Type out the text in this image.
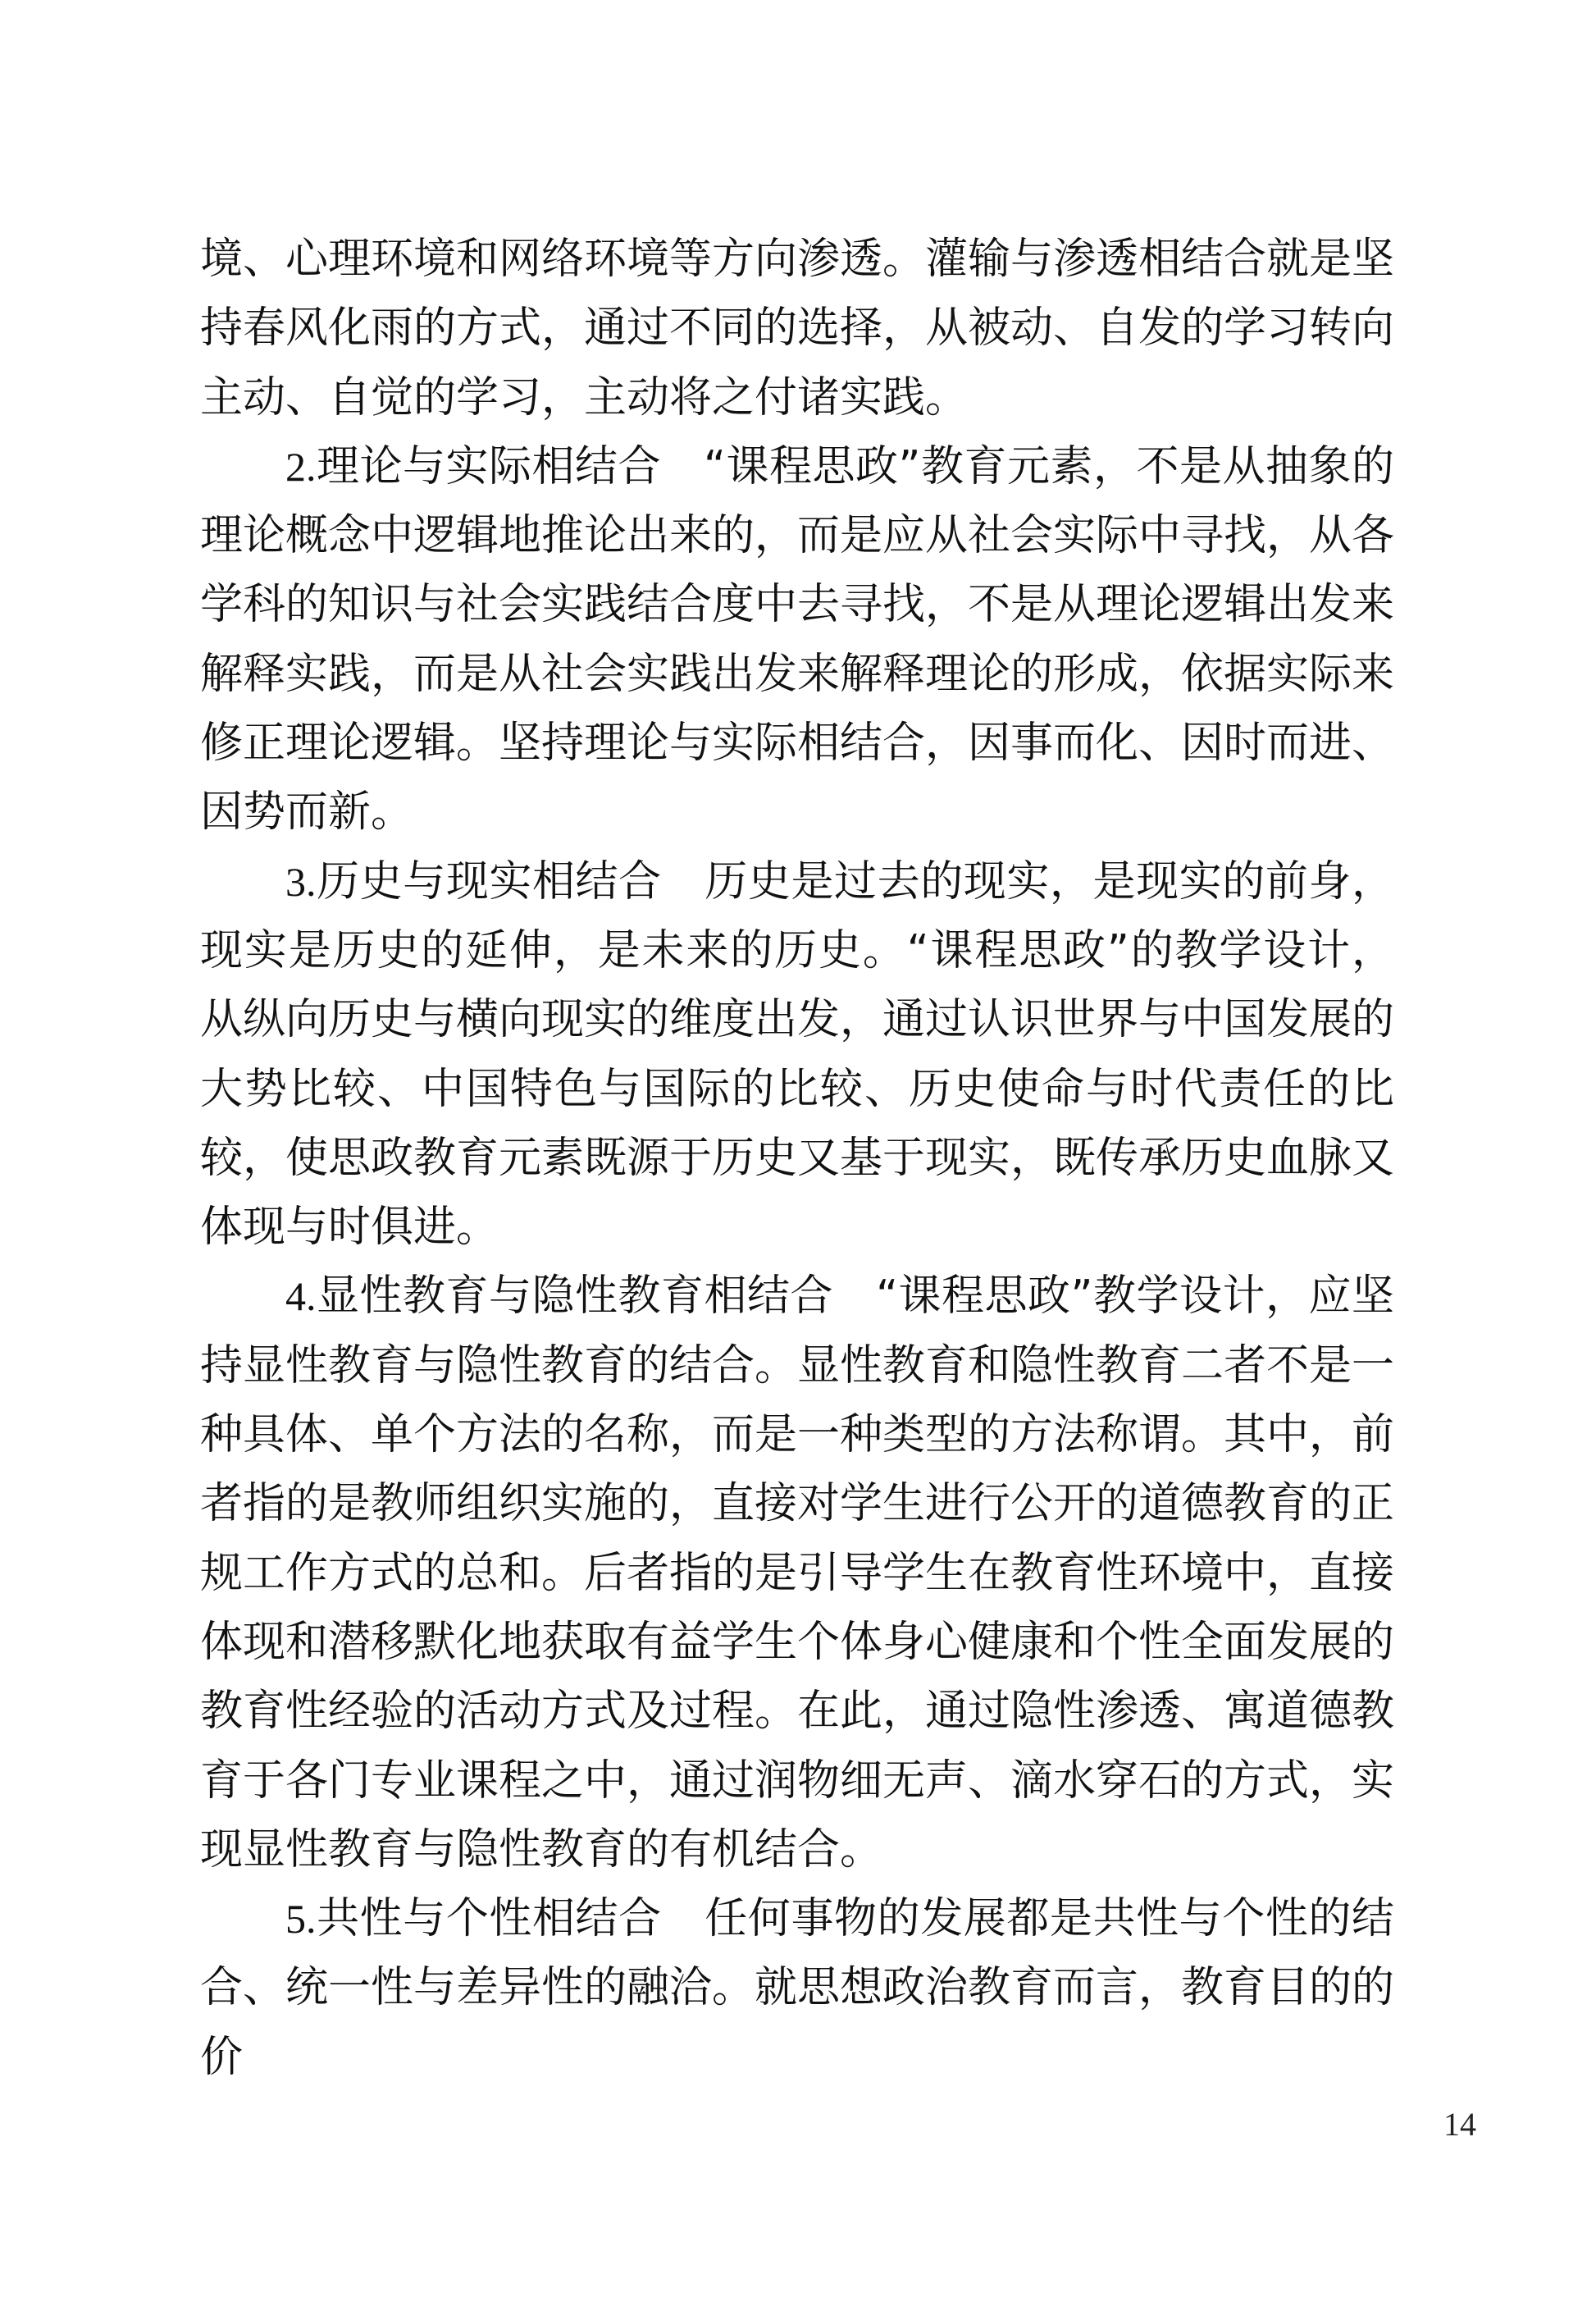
境、心理环境和网络环境等方向渗透。灌输与渗透相结合就是坚持春风化雨的方式，通过不同的选择，从被动、自发的学习转向主动、自觉的学习，主动将之付诸实践。

2.理论与实际相结合 “课程思政”教育元素，不是从抽象的理论概念中逻辑地推论出来的，而是应从社会实际中寻找，从各学科的知识与社会实践结合度中去寻找，不是从理论逻辑出发来解释实践，而是从社会实践出发来解释理论的形成，依据实际来修正理论逻辑。坚持理论与实际相结合，因事而化、因时而进、因势而新。

3.历史与现实相结合 历史是过去的现实，是现实的前身，现实是历史的延伸，是未来的历史。“课程思政”的教学设计，从纵向历史与横向现实的维度出发，通过认识世界与中国发展的大势比较、中国特色与国际的比较、历史使命与时代责任的比较，使思政教育元素既源于历史又基于现实，既传承历史血脉又体现与时俱进。

4.显性教育与隐性教育相结合 “课程思政”教学设计，应坚持显性教育与隐性教育的结合。显性教育和隐性教育二者不是一种具体、单个方法的名称，而是一种类型的方法称谓。其中，前者指的是教师组织实施的，直接对学生进行公开的道德教育的正规工作方式的总和。后者指的是引导学生在教育性环境中，直接体现和潜移默化地获取有益学生个体身心健康和个性全面发展的教育性经验的活动方式及过程。在此，通过隐性渗透、寓道德教育于各门专业课程之中，通过润物细无声、滴水穿石的方式，实现显性教育与隐性教育的有机结合。

5.共性与个性相结合 任何事物的发展都是共性与个性的结合、统一性与差异性的融洽。就思想政治教育而言，教育目的的价

14
